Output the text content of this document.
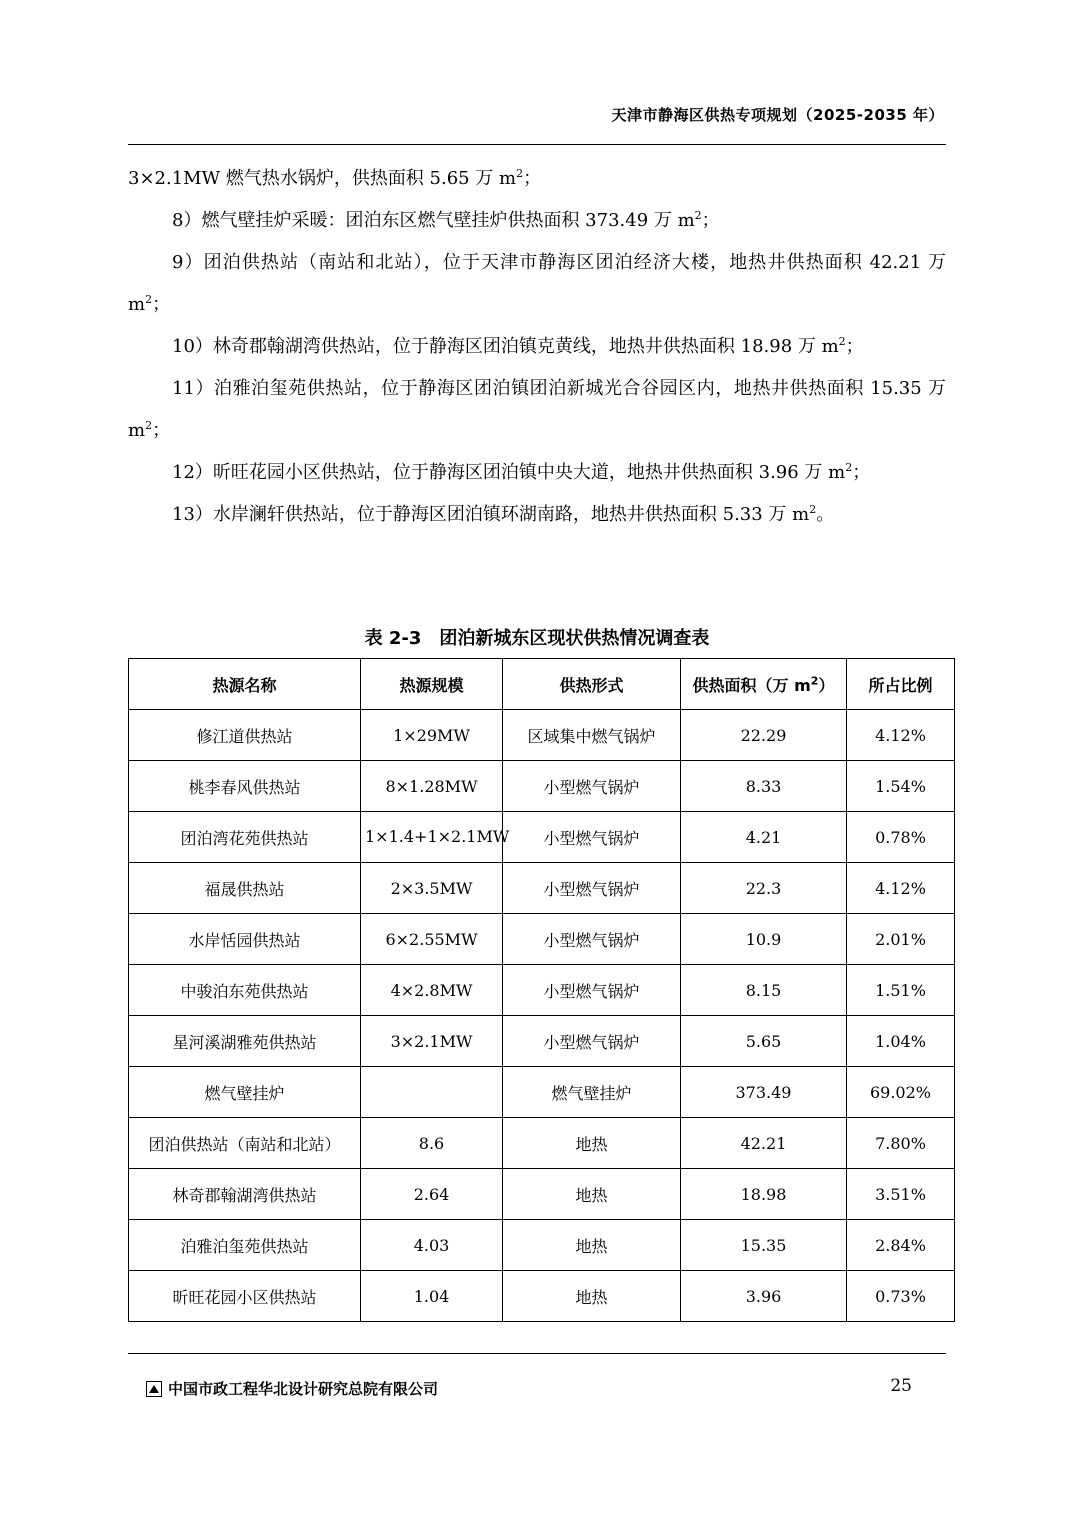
天津市静海区供热专项规划（2025-2035 年）

3×2.1MW 燃气热水锅炉，供热面积 5.65 万 $m^2$；

8）燃气壁挂炉采暖：团泊东区燃气壁挂炉供热面积 373.49 万 $m^2$；

9）团泊供热站（南站和北站），位于天津市静海区团泊经济大楼，地热井供热面积 42.21 万 $m^2$；

10）林奇郡翰湖湾供热站，位于静海区团泊镇克黄线，地热井供热面积 18.98 万 $m^2$；

11）泊雅泊玺苑供热站，位于静海区团泊镇团泊新城光合谷园区内，地热井供热面积 15.35 万 $m^2$；

12）昕旺花园小区供热站，位于静海区团泊镇中央大道，地热井供热面积 3.96 万 $m^2$；

13）水岸澜轩供热站，位于静海区团泊镇环湖南路，地热井供热面积 5.33 万 $m^2$。

表 2-3　团泊新城东区现状供热情况调查表
热源名称	热源规模	供热形式	供热面积（万 $m^2$）	所占比例
修江道供热站	1×29MW	区域集中燃气锅炉	22.29	4.12%
桃李春风供热站	8×1.28MW	小型燃气锅炉	8.33	1.54%
团泊湾花苑供热站	1×1.4+1×2.1MW	小型燃气锅炉	4.21	0.78%
福晟供热站	2×3.5MW	小型燃气锅炉	22.3	4.12%
水岸恬园供热站	6×2.55MW	小型燃气锅炉	10.9	2.01%
中骏泊东苑供热站	4×2.8MW	小型燃气锅炉	8.15	1.51%
星河溪湖雅苑供热站	3×2.1MW	小型燃气锅炉	5.65	1.04%
燃气壁挂炉		燃气壁挂炉	373.49	69.02%
团泊供热站（南站和北站）	8.6	地热	42.21	7.80%
林奇郡翰湖湾供热站	2.64	地热	18.98	3.51%
泊雅泊玺苑供热站	4.03	地热	15.35	2.84%
昕旺花园小区供热站	1.04	地热	3.96	0.73%
中国市政工程华北设计研究总院有限公司	25
